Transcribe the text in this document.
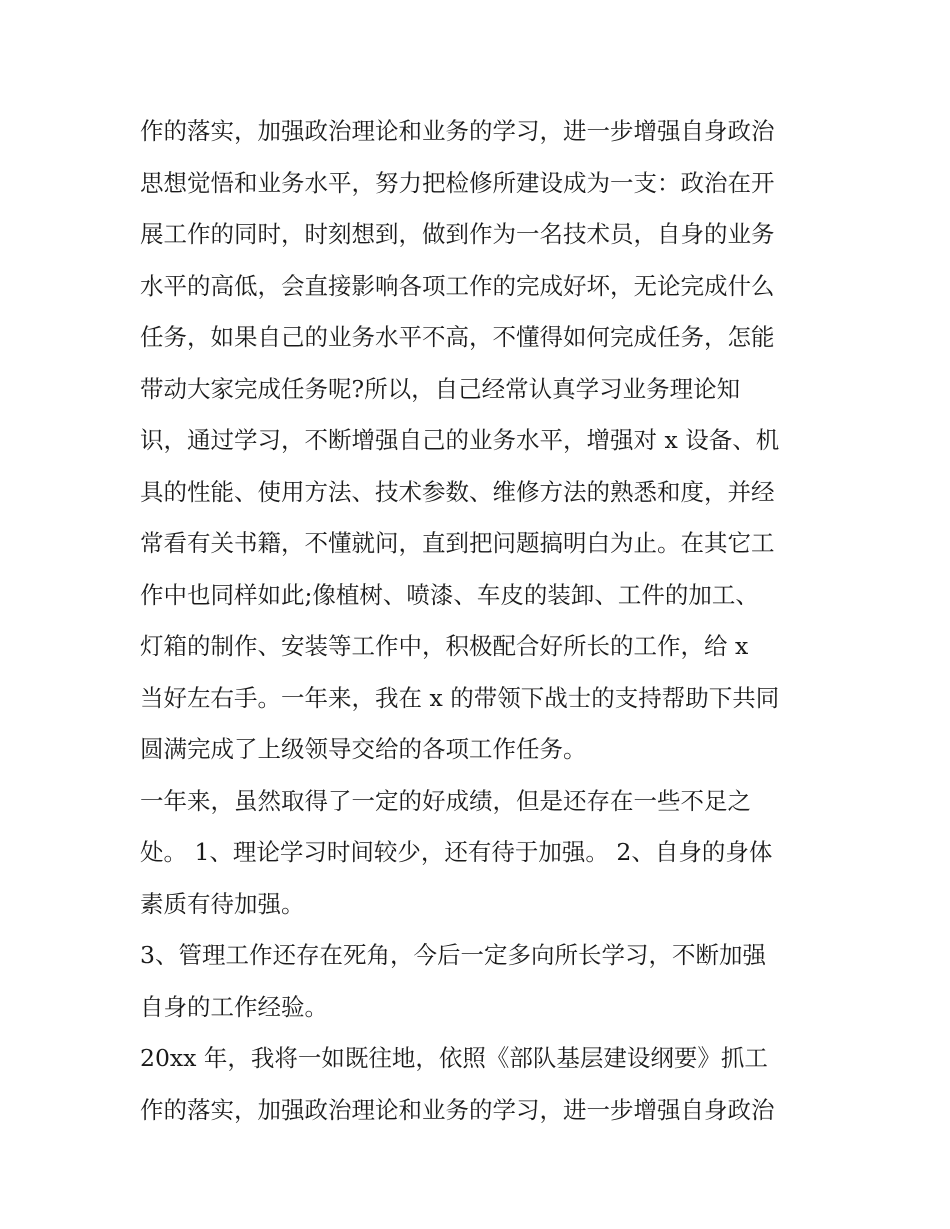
作的落实，加强政治理论和业务的学习，进一步增强自身政治
思想觉悟和业务水平，努力把检修所建设成为一支：政治在开
展工作的同时，时刻想到，做到作为一名技术员，自身的业务
水平的高低，会直接影响各项工作的完成好坏，无论完成什么
任务，如果自己的业务水平不高，不懂得如何完成任务，怎能
带动大家完成任务呢?所以，自己经常认真学习业务理论知
识，通过学习，不断增强自己的业务水平，增强对 x 设备、机
具的性能、使用方法、技术参数、维修方法的熟悉和度，并经
常看有关书籍，不懂就问，直到把问题搞明白为止。在其它工
作中也同样如此;像植树、喷漆、车皮的装卸、工件的加工、
灯箱的制作、安装等工作中，积极配合好所长的工作，给 x
当好左右手。一年来，我在 x 的带领下战士的支持帮助下共同
圆满完成了上级领导交给的各项工作任务。
一年来，虽然取得了一定的好成绩，但是还存在一些不足之
处。 1、理论学习时间较少，还有待于加强。 2、自身的身体
素质有待加强。
3、管理工作还存在死角，今后一定多向所长学习，不断加强
自身的工作经验。
20xx 年，我将一如既往地，依照《部队基层建设纲要》抓工
作的落实，加强政治理论和业务的学习，进一步增强自身政治
